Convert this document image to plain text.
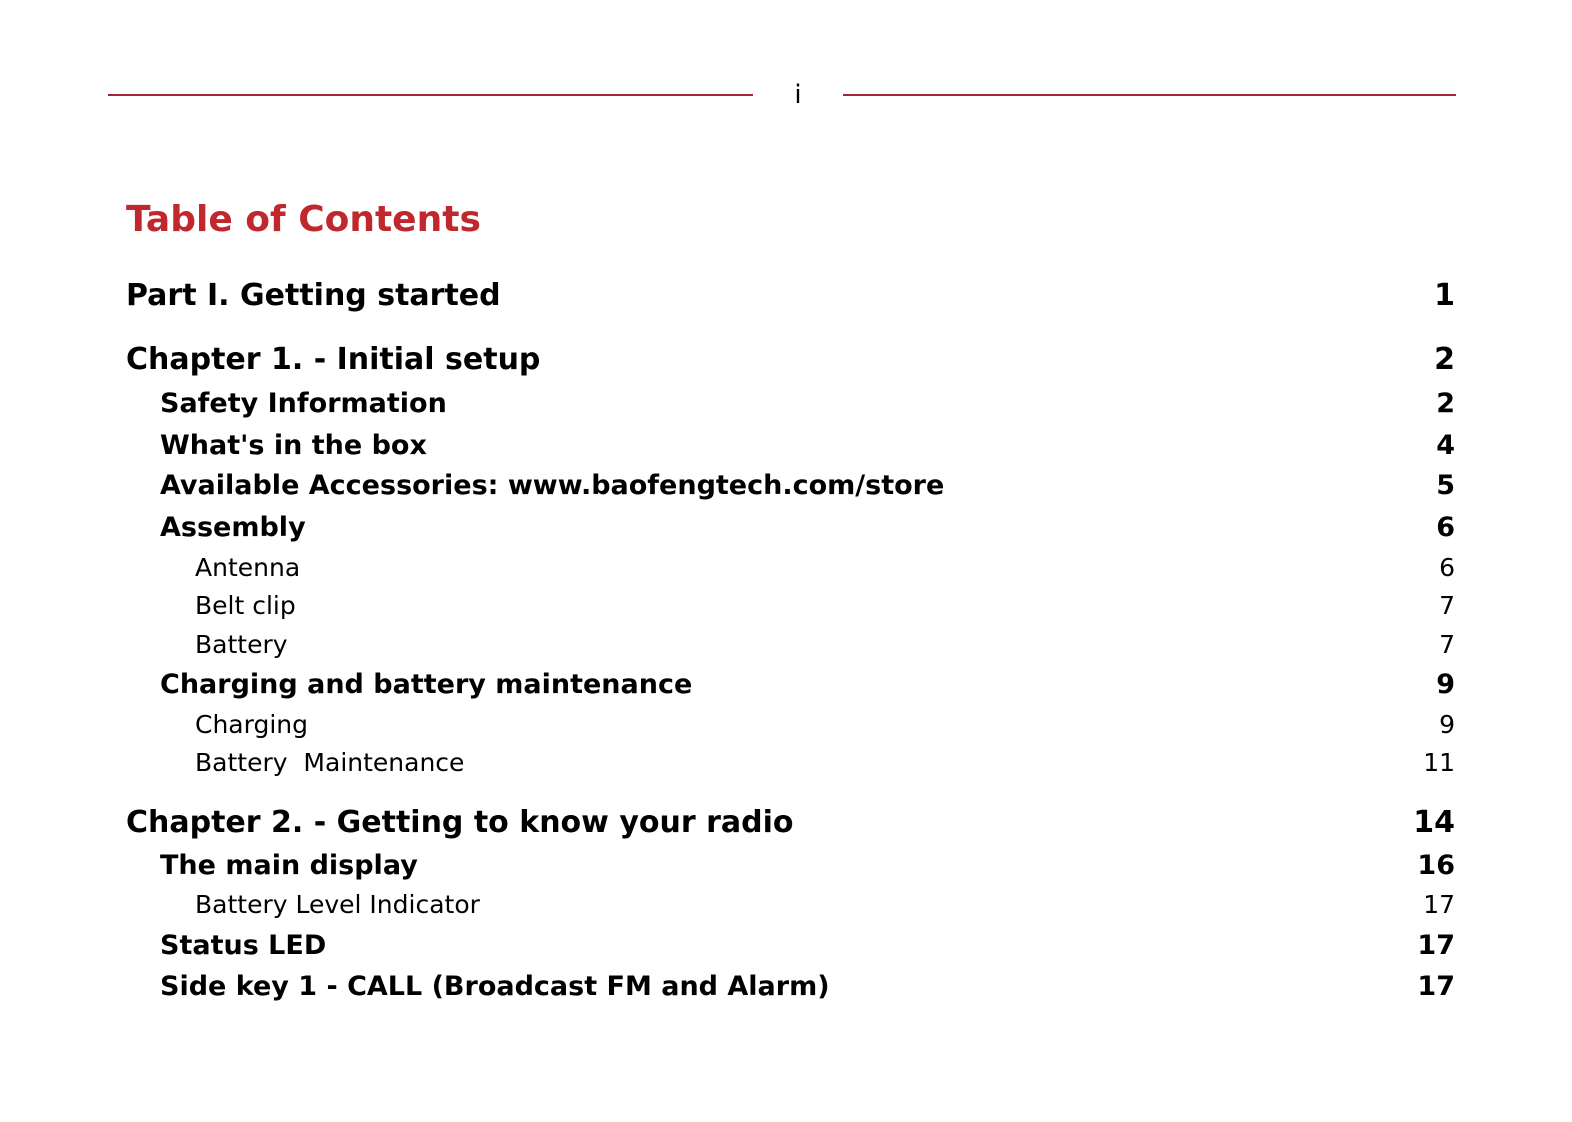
i
Table of Contents
Part I. Getting started	1
Chapter 1. - Initial setup	2
Safety Information	2
What's in the box	4
Available Accessories: www.baofengtech.com/store	5
Assembly	6
Antenna	6
Belt clip	7
Battery	7
Charging and battery maintenance	9
Charging	9
Battery  Maintenance	11
Chapter 2. - Getting to know your radio	14
The main display	16
Battery Level Indicator	17
Status LED	17
Side key 1 - CALL (Broadcast FM and Alarm)	17
